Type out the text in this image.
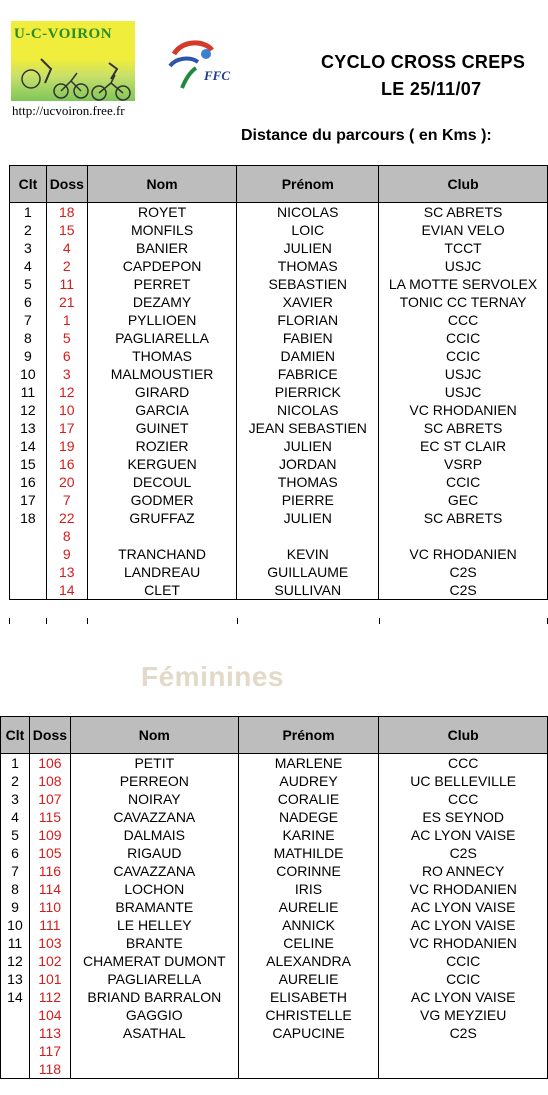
U-C-VOIRON
FFC
http://ucvoiron.free.fr
CYCLO CROSS CREPS
LE 25/11/07
Distance du parcours ( en Kms ):
Clt	Doss	Nom	Prénom	Club
1	18	ROYET	NICOLAS	SC ABRETS
2	15	MONFILS	LOIC	EVIAN VELO
3	4	BANIER	JULIEN	TCCT
4	2	CAPDEPON	THOMAS	USJC
5	11	PERRET	SEBASTIEN	LA MOTTE SERVOLEX
6	21	DEZAMY	XAVIER	TONIC CC TERNAY
7	1	PYLLIOEN	FLORIAN	CCC
8	5	PAGLIARELLA	FABIEN	CCIC
9	6	THOMAS	DAMIEN	CCIC
10	3	MALMOUSTIER	FABRICE	USJC
11	12	GIRARD	PIERRICK	USJC
12	10	GARCIA	NICOLAS	VC RHODANIEN
13	17	GUINET	JEAN SEBASTIEN	SC ABRETS
14	19	ROZIER	JULIEN	EC ST CLAIR
15	16	KERGUEN	JORDAN	VSRP
16	20	DECOUL	THOMAS	CCIC
17	7	GODMER	PIERRE	GEC
18	22	GRUFFAZ	JULIEN	SC ABRETS
	8			
	9	TRANCHAND	KEVIN	VC RHODANIEN
	13	LANDREAU	GUILLAUME	C2S
	14	CLET	SULLIVAN	C2S
Féminines
Clt	Doss	Nom	Prénom	Club
1	106	PETIT	MARLENE	CCC
2	108	PERREON	AUDREY	UC BELLEVILLE
3	107	NOIRAY	CORALIE	CCC
4	115	CAVAZZANA	NADEGE	ES SEYNOD
5	109	DALMAIS	KARINE	AC LYON VAISE
6	105	RIGAUD	MATHILDE	C2S
7	116	CAVAZZANA	CORINNE	RO ANNECY
8	114	LOCHON	IRIS	VC RHODANIEN
9	110	BRAMANTE	AURELIE	AC LYON VAISE
10	111	LE HELLEY	ANNICK	AC LYON VAISE
11	103	BRANTE	CELINE	VC RHODANIEN
12	102	CHAMERAT DUMONT	ALEXANDRA	CCIC
13	101	PAGLIARELLA	AURELIE	CCIC
14	112	BRIAND BARRALON	ELISABETH	AC LYON VAISE
	104	GAGGIO	CHRISTELLE	VG MEYZIEU
	113	ASATHAL	CAPUCINE	C2S
	117			
	118			
